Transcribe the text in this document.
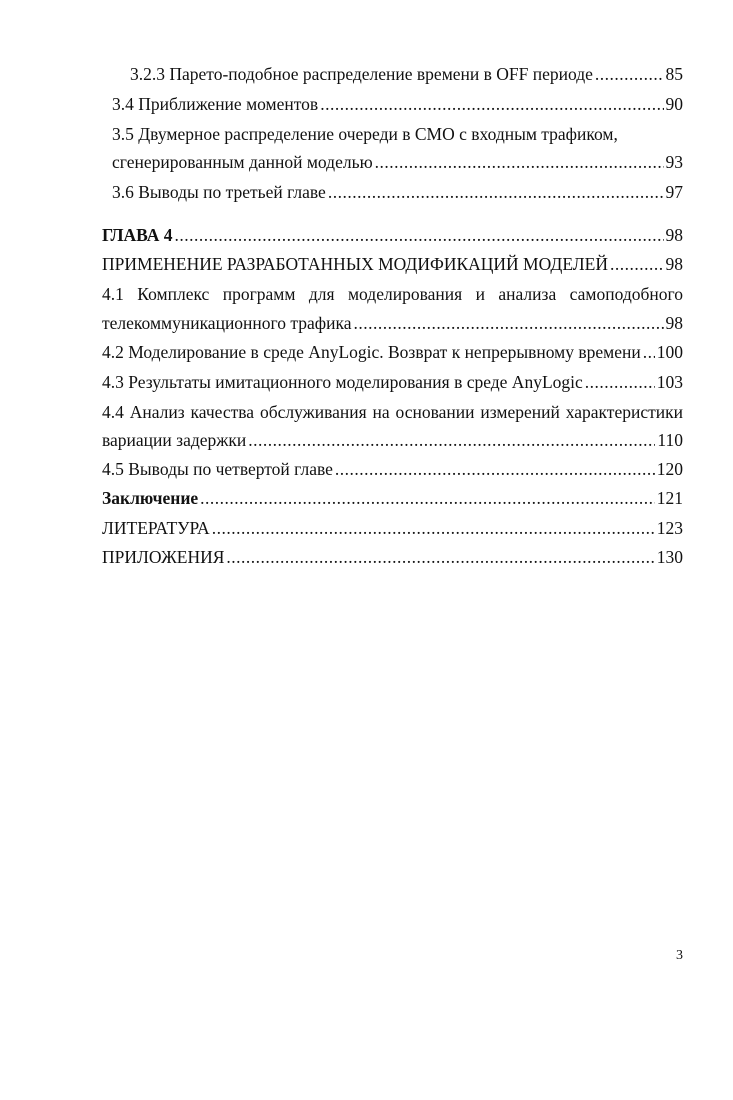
3.2.3 Парето-подобное распределение времени в OFF периоде .....	85
3.4 Приближение моментов .....	90
3.5 Двумерное распределение очереди в СМО с входным трафиком,
сгенерированным данной моделью .....	93
3.6 Выводы по третьей главе .....	97
ГЛАВА 4 .....	98
ПРИМЕНЕНИЕ РАЗРАБОТАННЫХ МОДИФИКАЦИЙ МОДЕЛЕЙ .....	98
4.1 Комплекс программ для моделирования и анализа самоподобного
телекоммуникационного трафика .....	98
4.2 Моделирование в среде AnyLogic. Возврат к непрерывному времени ..... 100
4.3 Результаты имитационного моделирования в среде AnyLogic .....	103
4.4 Анализ качества обслуживания на основании измерений характеристики
вариации задержки .....	110
4.5 Выводы по четвертой главе .....	120
Заключение .....	121
ЛИТЕРАТУРА .....	123
ПРИЛОЖЕНИЯ .....	130
3
